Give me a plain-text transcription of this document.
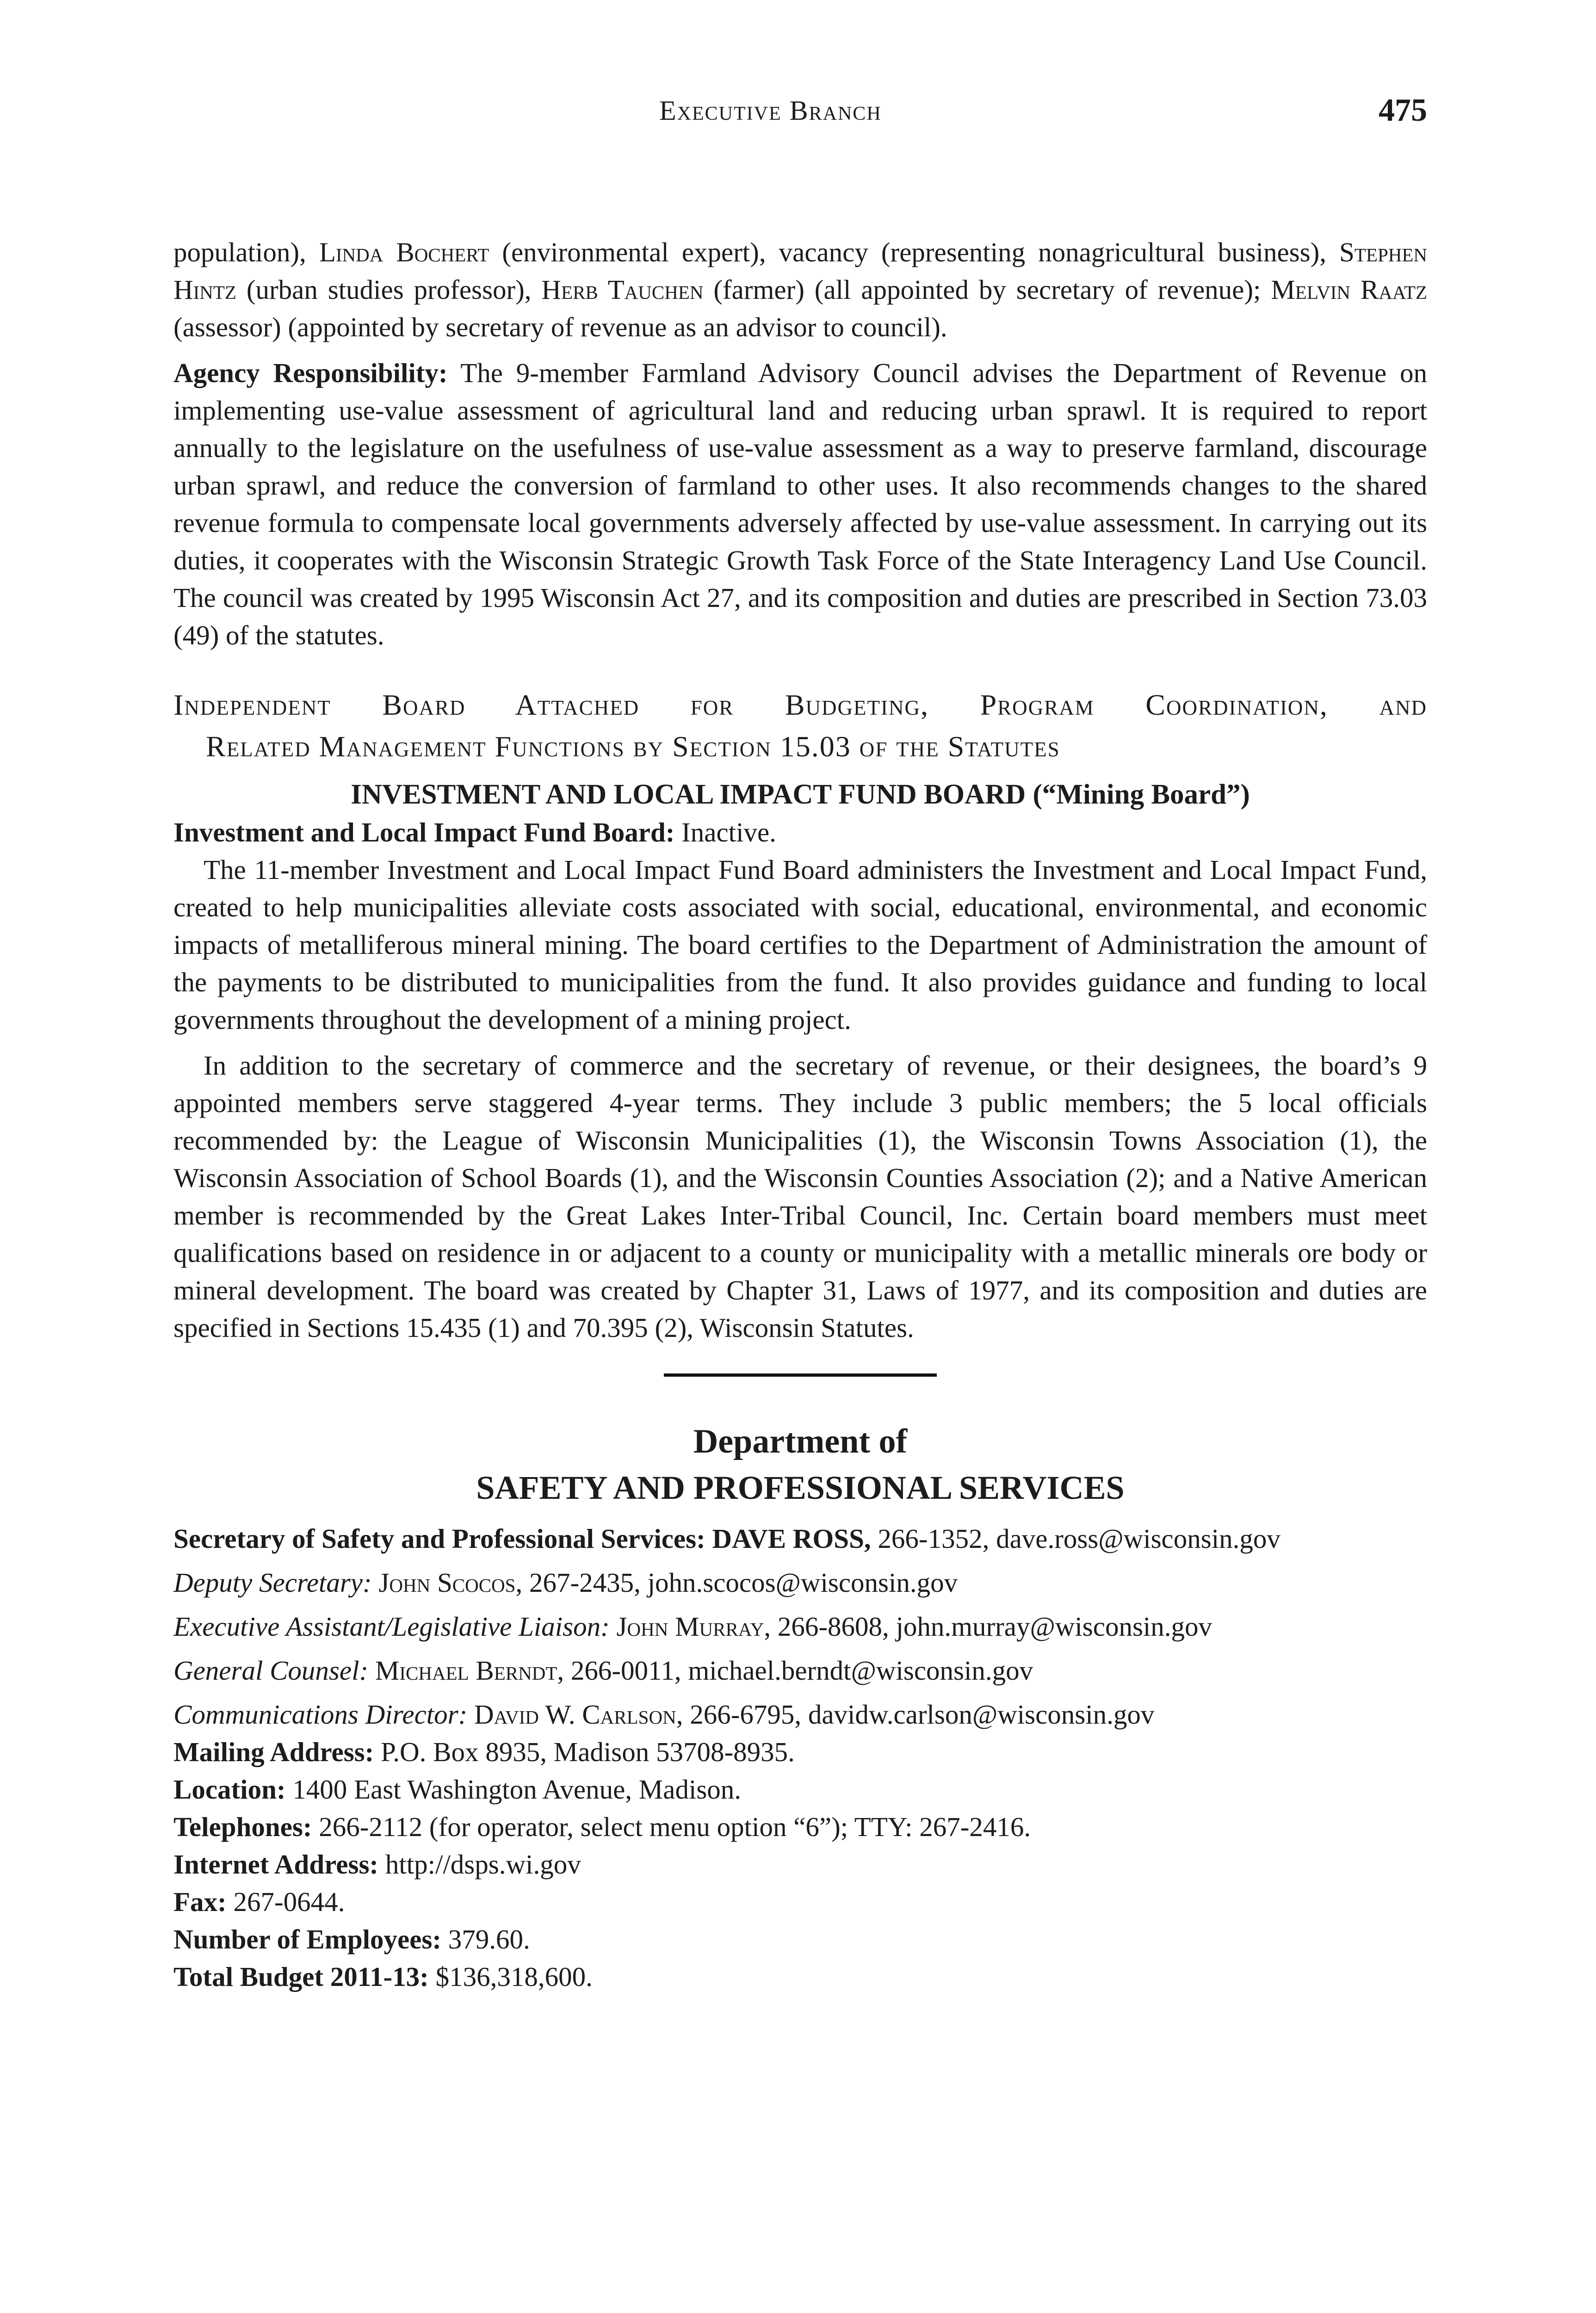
Executive Branch	475

population), Linda Bochert (environmental expert), vacancy (representing nonagricultural business), Stephen Hintz (urban studies professor), Herb Tauchen (farmer) (all appointed by secretary of revenue); Melvin Raatz (assessor) (appointed by secretary of revenue as an advisor to council).

Agency Responsibility: The 9-member Farmland Advisory Council advises the Department of Revenue on implementing use-value assessment of agricultural land and reducing urban sprawl. It is required to report annually to the legislature on the usefulness of use-value assessment as a way to preserve farmland, discourage urban sprawl, and reduce the conversion of farmland to other uses. It also recommends changes to the shared revenue formula to compensate local governments adversely affected by use-value assessment. In carrying out its duties, it cooperates with the Wisconsin Strategic Growth Task Force of the State Interagency Land Use Council. The council was created by 1995 Wisconsin Act 27, and its composition and duties are prescribed in Section 73.03 (49) of the statutes.

Independent Board Attached for Budgeting, Program Coordination, and
Related Management Functions by Section 15.03 of the Statutes
INVESTMENT AND LOCAL IMPACT FUND BOARD (“Mining Board”)

Investment and Local Impact Fund Board: Inactive.

The 11-member Investment and Local Impact Fund Board administers the Investment and Local Impact Fund, created to help municipalities alleviate costs associated with social, educational, environmental, and economic impacts of metalliferous mineral mining. The board certifies to the Department of Administration the amount of the payments to be distributed to municipalities from the fund. It also provides guidance and funding to local governments throughout the development of a mining project.

In addition to the secretary of commerce and the secretary of revenue, or their designees, the board’s 9 appointed members serve staggered 4-year terms. They include 3 public members; the 5 local officials recommended by: the League of Wisconsin Municipalities (1), the Wisconsin Towns Association (1), the Wisconsin Association of School Boards (1), and the Wisconsin Counties Association (2); and a Native American member is recommended by the Great Lakes Inter-Tribal Council, Inc. Certain board members must meet qualifications based on residence in or adjacent to a county or municipality with a metallic minerals ore body or mineral development. The board was created by Chapter 31, Laws of 1977, and its composition and duties are specified in Sections 15.435 (1) and 70.395 (2), Wisconsin Statutes.

Department of
SAFETY AND PROFESSIONAL SERVICES

Secretary of Safety and Professional Services: DAVE ROSS, 266-1352, dave.ross@wisconsin.gov

Deputy Secretary: John Scocos, 267-2435, john.scocos@wisconsin.gov

Executive Assistant/Legislative Liaison: John Murray, 266-8608, john.murray@wisconsin.gov

General Counsel: Michael Berndt, 266-0011, michael.berndt@wisconsin.gov

Communications Director: David W. Carlson, 266-6795, davidw.carlson@wisconsin.gov

Mailing Address: P.O. Box 8935, Madison 53708-8935.

Location: 1400 East Washington Avenue, Madison.

Telephones: 266-2112 (for operator, select menu option “6”); TTY: 267-2416.

Internet Address: http://dsps.wi.gov

Fax: 267-0644.

Number of Employees: 379.60.

Total Budget 2011-13: $136,318,600.
